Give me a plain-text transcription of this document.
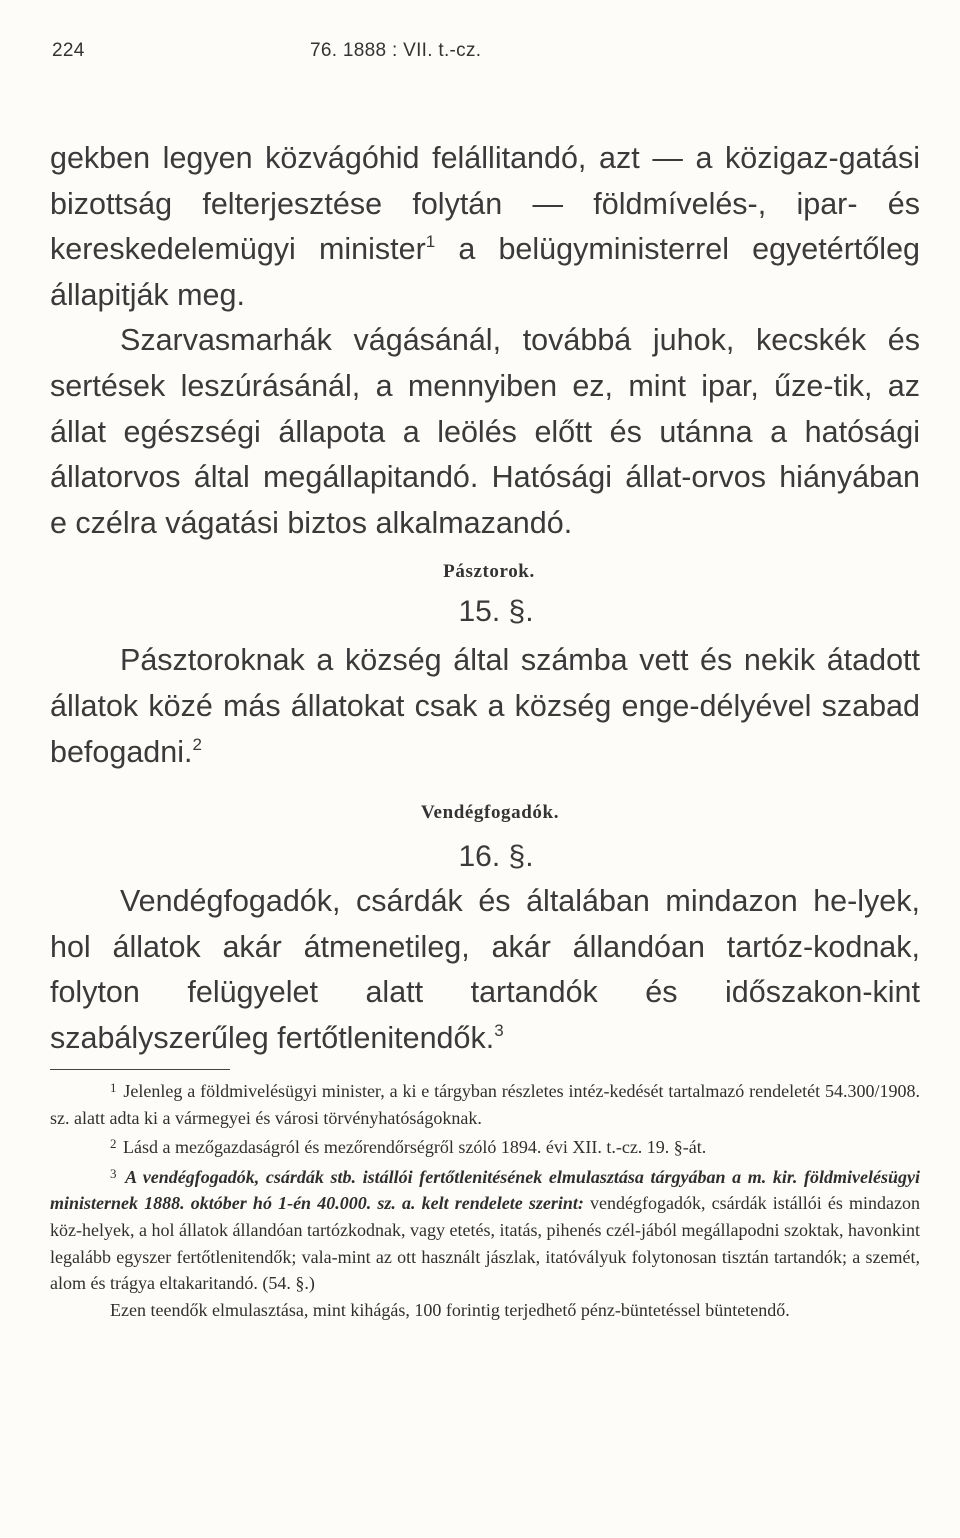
224	76. 1888 : VII. t.-cz.

gekben legyen közvágóhid felállitandó, azt — a közigaz-gatási bizottság felterjesztése folytán — földmívelés-, ipar- és kereskedelemügyi minister$^1$ a belügyministerrel egyetértőleg állapitják meg.

Szarvasmarhák vágásánál, továbbá juhok, kecskék és sertések leszúrásánál, a mennyiben ez, mint ipar, űze-tik, az állat egészségi állapota a leölés előtt és utánna a hatósági állatorvos által megállapitandó. Hatósági állat-orvos hiányában e czélra vágatási biztos alkalmazandó.

Pásztorok.
15. §.

Pásztoroknak a község által számba vett és nekik átadott állatok közé más állatokat csak a község enge-délyével szabad befogadni.$^2$

Vendégfogadók.
16. §.

Vendégfogadók, csárdák és általában mindazon he-lyek, hol állatok akár átmenetileg, akár állandóan tartóz-kodnak, folyton felügyelet alatt tartandók és időszakon-kint szabályszerűleg fertőtlenitendők.$^3$

$^1$ Jelenleg a földmivelésügyi minister, a ki e tárgyban részletes intéz-kedését tartalmazó rendeletét 54.300/1908. sz. alatt adta ki a vármegyei és városi törvényhatóságoknak.

$^2$ Lásd a mezőgazdaságról és mezőrendőrségről szóló 1894. évi XII. t.-cz. 19. §-át.

$^3$ A vendégfogadók, csárdák stb. istállói fertőtlenitésének elmulasztása tárgyában a m. kir. földmivelésügyi ministernek 1888. október hó 1-én 40.000. sz. a. kelt rendelete szerint: vendégfogadók, csárdák istállói és mindazon köz-helyek, a hol állatok állandóan tartózkodnak, vagy etetés, itatás, pihenés czél-jából megállapodni szoktak, havonkint legalább egyszer fertőtlenitendők; vala-mint az ott használt jászlak, itatóvályuk folytonosan tisztán tartandók; a szemét, alom és trágya eltakaritandó. (54. §.)

Ezen teendők elmulasztása, mint kihágás, 100 forintig terjedhető pénz-büntetéssel büntetendő.
